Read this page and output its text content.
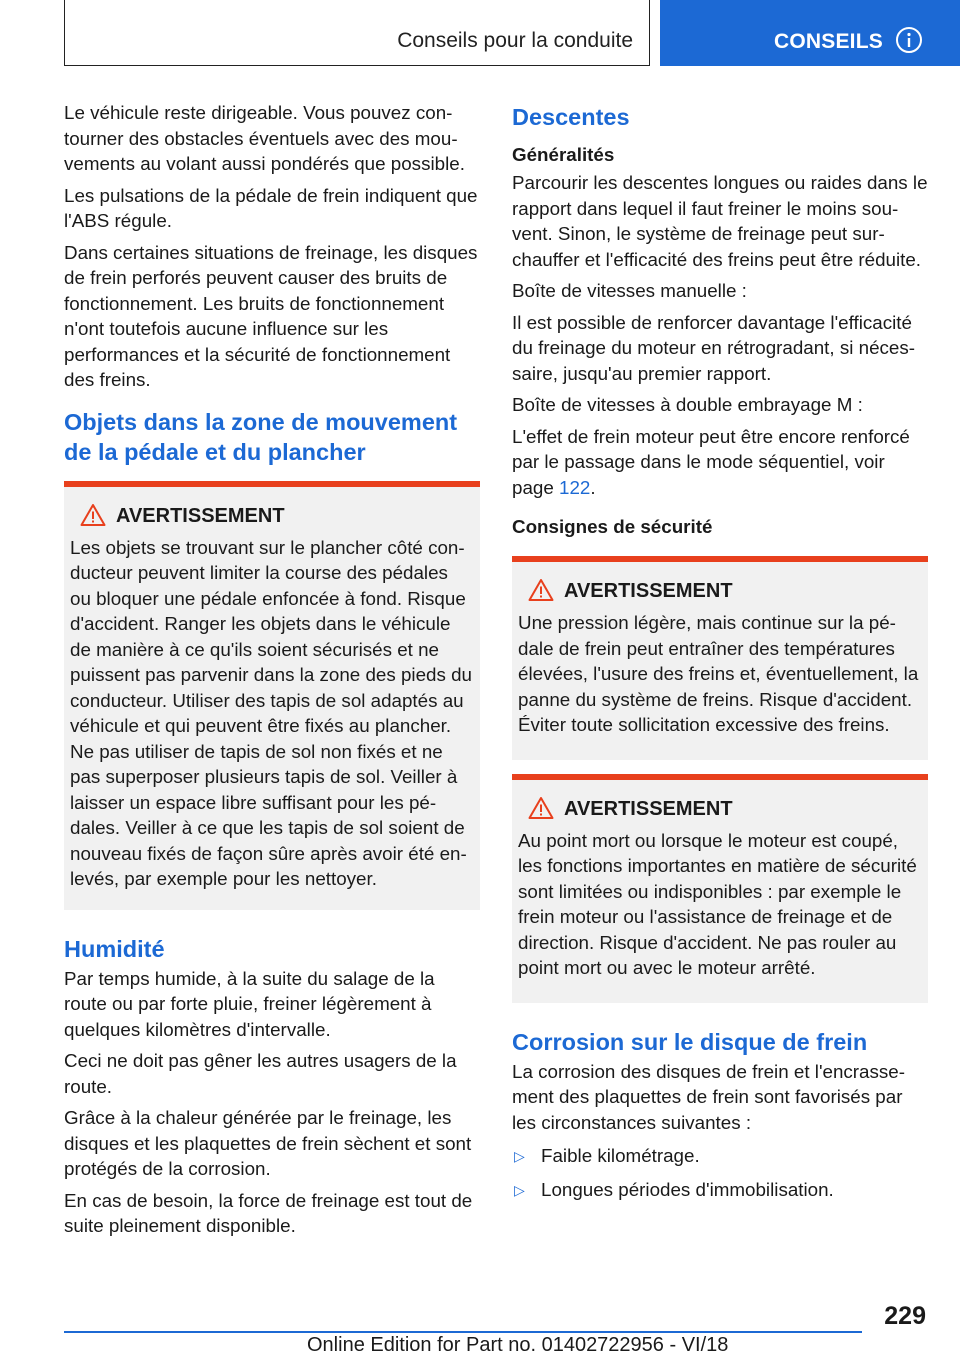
Conseils pour la conduite	CONSEILS

Le véhicule reste dirigeable. Vous pouvez contourner des obstacles éventuels avec des mouvements au volant aussi pondérés que possible.

Les pulsations de la pédale de frein indiquent que l'ABS régule.

Dans certaines situations de freinage, les disques de frein perforés peuvent causer des bruits de fonctionnement. Les bruits de fonctionnement n'ont toutefois aucune influence sur les performances et la sécurité de fonctionnement des freins.

Objets dans la zone de mouvement de la pédale et du plancher
AVERTISSEMENT

Les objets se trouvant sur le plancher côté conducteur peuvent limiter la course des pédales ou bloquer une pédale enfoncée à fond. Risque d'accident. Ranger les objets dans le véhicule de manière à ce qu'ils soient sécurisés et ne puissent pas parvenir dans la zone des pieds du conducteur. Utiliser des tapis de sol adaptés au véhicule et qui peuvent être fixés au plancher. Ne pas utiliser de tapis de sol non fixés et ne pas superposer plusieurs tapis de sol. Veiller à laisser un espace libre suffisant pour les pédales. Veiller à ce que les tapis de sol soient de nouveau fixés de façon sûre après avoir été enlevés, par exemple pour les nettoyer.

Humidité

Par temps humide, à la suite du salage de la route ou par forte pluie, freiner légèrement à quelques kilomètres d'intervalle.

Ceci ne doit pas gêner les autres usagers de la route.

Grâce à la chaleur générée par le freinage, les disques et les plaquettes de frein sèchent et sont protégés de la corrosion.

En cas de besoin, la force de freinage est tout de suite pleinement disponible.

Descentes
Généralités

Parcourir les descentes longues ou raides dans le rapport dans lequel il faut freiner le moins souvent. Sinon, le système de freinage peut surchauffer et l'efficacité des freins peut être réduite.

Boîte de vitesses manuelle :

Il est possible de renforcer davantage l'efficacité du freinage du moteur en rétrogradant, si nécessaire, jusqu'au premier rapport.

Boîte de vitesses à double embrayage M :

L'effet de frein moteur peut être encore renforcé par le passage dans le mode séquentiel, voir page 122.

Consignes de sécurité
AVERTISSEMENT

Une pression légère, mais continue sur la pédale de frein peut entraîner des températures élevées, l'usure des freins et, éventuellement, la panne du système de freins. Risque d'accident. Éviter toute sollicitation excessive des freins.

AVERTISSEMENT

Au point mort ou lorsque le moteur est coupé, les fonctions importantes en matière de sécurité sont limitées ou indisponibles : par exemple le frein moteur ou l'assistance de freinage et de direction. Risque d'accident. Ne pas rouler au point mort ou avec le moteur arrêté.

Corrosion sur le disque de frein

La corrosion des disques de frein et l'encrassement des plaquettes de frein sont favorisés par les circonstances suivantes :

▷ Faible kilométrage.
▷ Longues périodes d'immobilisation.
229
Online Edition for Part no. 01402722956 - VI/18
